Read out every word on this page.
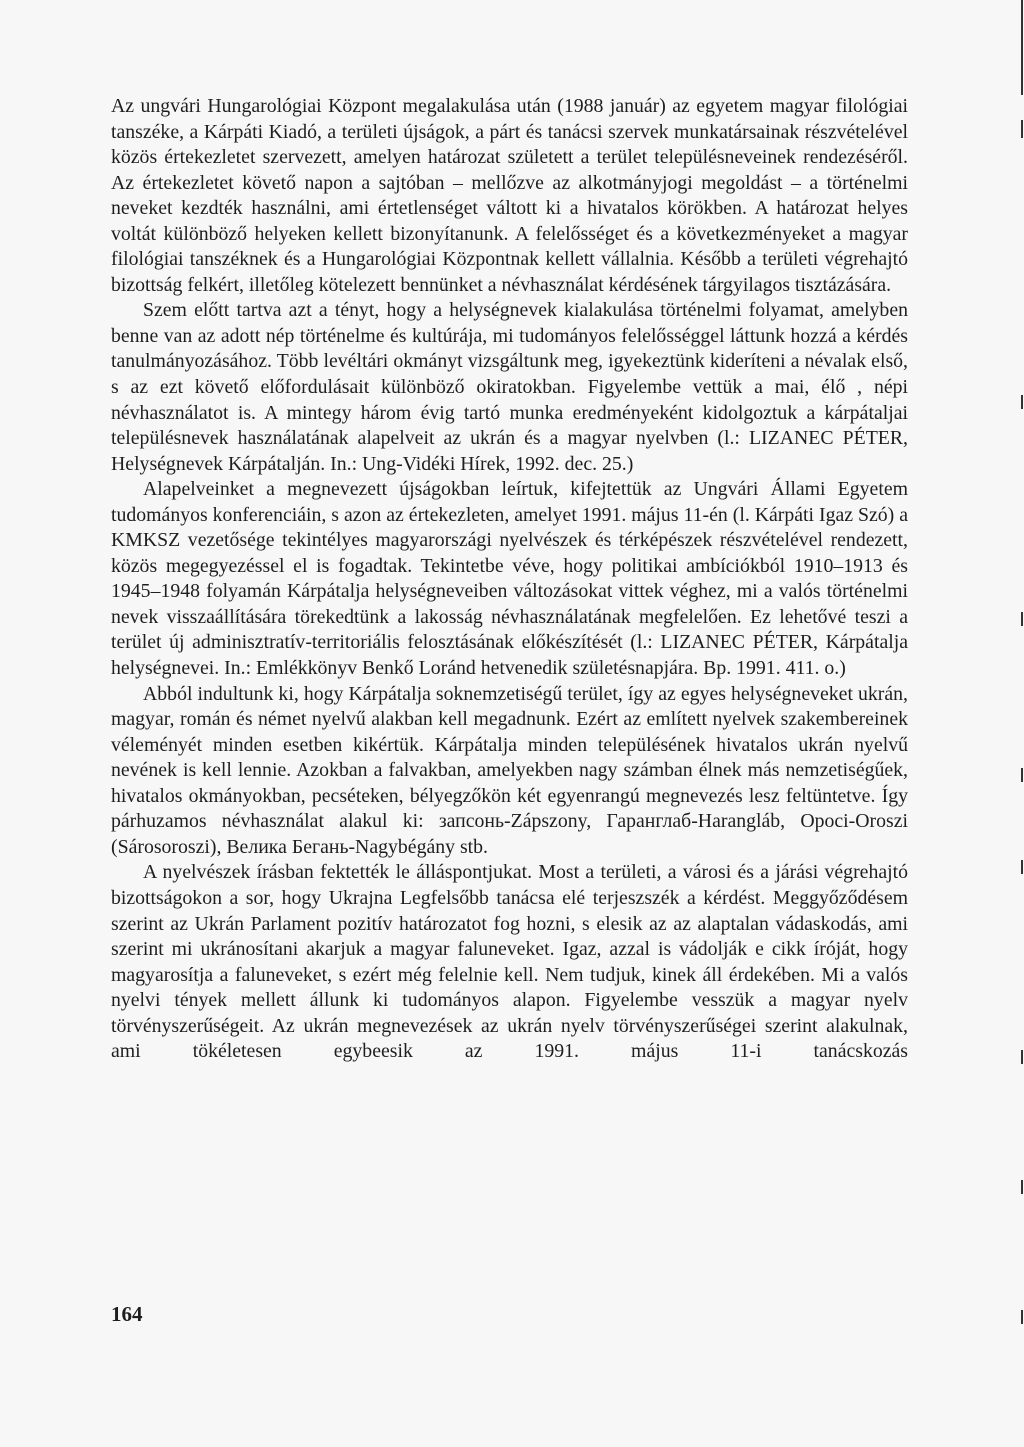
Az ungvári Hungarológiai Központ megalakulása után (1988 január) az egyetem magyar filológiai tanszéke, a Kárpáti Kiadó, a területi újságok, a párt és tanácsi szervek munkatársainak részvételével közös értekezletet szervezett, amelyen határozat született a terület településneveinek rendezéséről. Az értekezletet követő napon a sajtóban – mellőzve az alkotmányjogi megoldást – a történelmi neveket kezdték használni, ami értetlenséget váltott ki a hivatalos körökben. A határozat helyes voltát különböző helyeken kellett bizonyítanunk. A felelősséget és a következményeket a magyar filológiai tanszéknek és a Hungarológiai Központnak kellett vállalnia. Később a területi végrehajtó bizottság felkért, illetőleg kötelezett bennünket a névhasználat kérdésének tárgyilagos tisztázására.

Szem előtt tartva azt a tényt, hogy a helységnevek kialakulása történelmi folyamat, amelyben benne van az adott nép történelme és kultúrája, mi tudományos felelősséggel láttunk hozzá a kérdés tanulmányozásához. Több levéltári okmányt vizsgáltunk meg, igyekeztünk kideríteni a névalak első, s az ezt követő előfordulásait különböző okiratokban. Figyelembe vettük a mai, élő , népi névhasználatot is. A mintegy három évig tartó munka eredményeként kidolgoztuk a kárpátaljai településnevek használatának alapelveit az ukrán és a magyar nyelvben (l.: LIZANEC PÉTER, Helységnevek Kárpátalján. In.: Ung-Vidéki Hírek, 1992. dec. 25.)

Alapelveinket a megnevezett újságokban leírtuk, kifejtettük az Ungvári Állami Egyetem tudományos konferenciáin, s azon az értekezleten, amelyet 1991. május 11-én (l. Kárpáti Igaz Szó) a KMKSZ vezetősége tekintélyes magyarországi nyelvészek és térképészek részvételével rendezett, közös megegyezéssel el is fogadtak. Tekintetbe véve, hogy politikai ambíciókból 1910–1913 és 1945–1948 folyamán Kárpátalja helységneveiben változásokat vittek véghez, mi a valós történelmi nevek visszaállítására törekedtünk a lakosság névhasználatának megfelelően. Ez lehetővé teszi a terület új adminisztratív-territoriális felosztásának előkészítését (l.: LIZANEC PÉTER, Kárpátalja helységnevei. In.: Emlékkönyv Benkő Loránd hetvenedik születésnapjára. Bp. 1991. 411. o.)

Abból indultunk ki, hogy Kárpátalja soknemzetiségű terület, így az egyes helységneveket ukrán, magyar, román és német nyelvű alakban kell megadnunk. Ezért az említett nyelvek szakembereinek véleményét minden esetben kikértük. Kárpátalja minden településének hivatalos ukrán nyelvű nevének is kell lennie. Azokban a falvakban, amelyekben nagy számban élnek más nemzetiségűek, hivatalos okmányokban, pecséteken, bélyegzőkön két egyenrangú megnevezés lesz feltüntetve. Így párhuzamos névhasználat alakul ki: запсонь-Zápszony, Гаранглаб-Harangláb, Opoci-Oroszi (Sárosoroszi), Велика Бегань-Nagybégány stb.

A nyelvészek írásban fektették le álláspontjukat. Most a területi, a városi és a járási végrehajtó bizottságokon a sor, hogy Ukrajna Legfelsőbb tanácsa elé terjeszszék a kérdést. Meggyőződésem szerint az Ukrán Parlament pozitív határozatot fog hozni, s elesik az az alaptalan vádaskodás, ami szerint mi ukránosítani akarjuk a magyar faluneveket. Igaz, azzal is vádolják e cikk íróját, hogy magyarosítja a faluneveket, s ezért még felelnie kell. Nem tudjuk, kinek áll érdekében. Mi a valós nyelvi tények mellett állunk ki tudományos alapon. Figyelembe vesszük a magyar nyelv törvényszerűségeit. Az ukrán megnevezések az ukrán nyelv törvényszerűségei szerint alakulnak, ami tökéletesen egybeesik az 1991. május 11-i tanácskozás

164
